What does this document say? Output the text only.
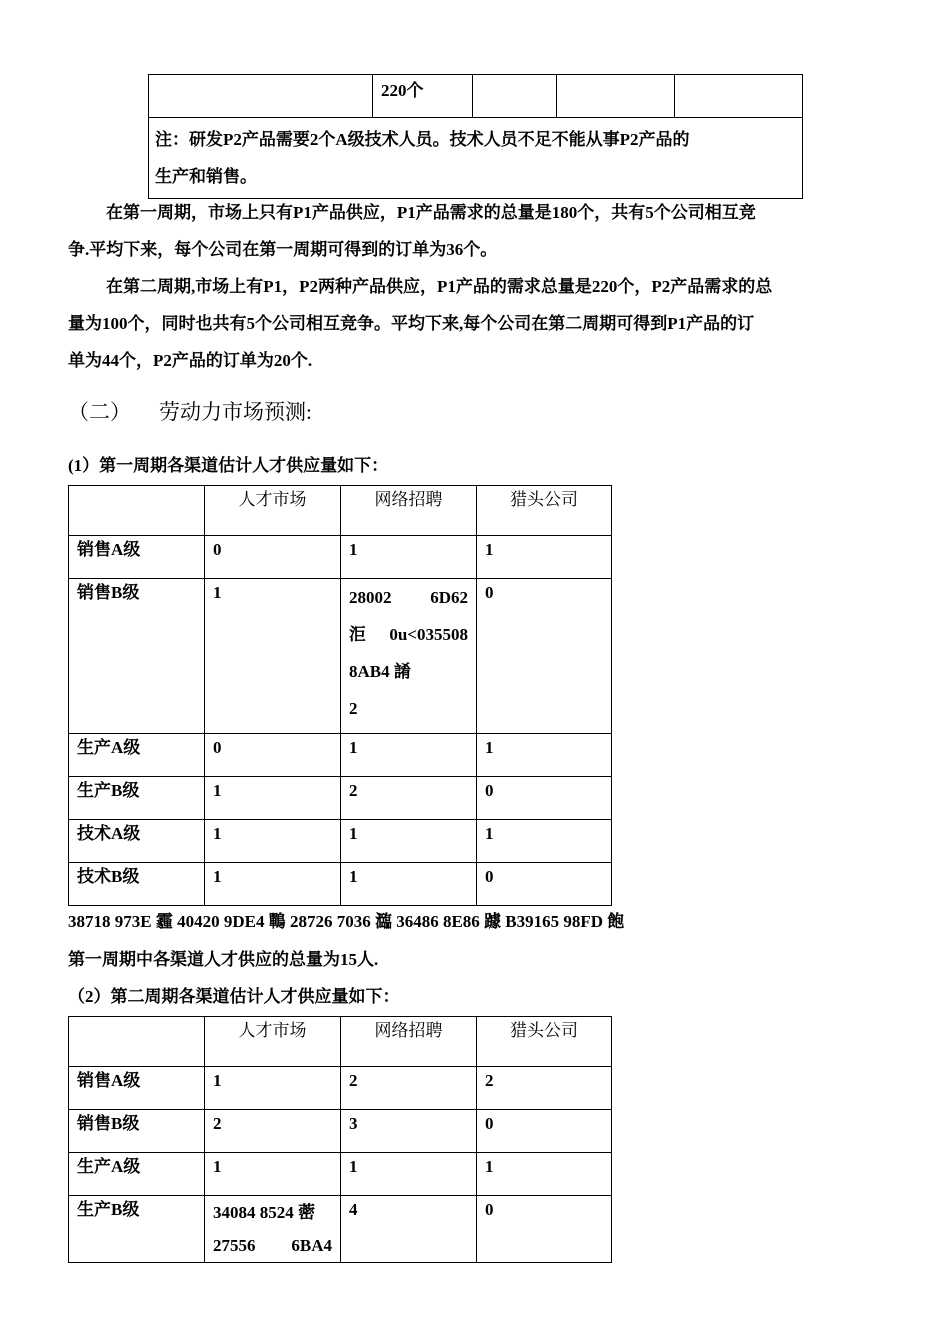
220个

注：研发P2产品需要2个A级技术人员。技术人员不足不能从事P2产品的
生产和销售。
在第一周期，市场上只有P1产品供应，P1产品需求的总量是180个，共有5个公司相互竞
争.平均下来，每个公司在第一周期可得到的订单为36个。
在第二周期,市场上有P1，P2两种产品供应，P1产品的需求总量是220个，P2产品需求的总
量为100个，同时也共有5个公司相互竞争。平均下来,每个公司在第二周期可得到P1产品的订
单为44个，P2产品的订单为20个.
（二） 劳动力市场预测:
(1）第一周期各渠道估计人才供应量如下：

	人才市场	网络招聘	猎头公司

销售A级	0	1	1

销售B级	1	28002 6D62
洰 0u<035508
8AB4 誵
2	0

生产A级	0	1	1

生产B级	1	2	0

技术A级	1	1	1

技术B级	1	1	0
38718 973E 霾 40420 9DE4 鷤 28726 7036 瀶 36486 8E86 躆 B39165 98FD 飽
第一周期中各渠道人才供应的总量为15人.
（2）第二周期各渠道估计人才供应量如下：

	人才市场	网络招聘	猎头公司

销售A级	1	2	2

销售B级	2	3	0

生产A级	1	1	1

生产B级	34084 8524 蔤
27556 6BA4	4	0
